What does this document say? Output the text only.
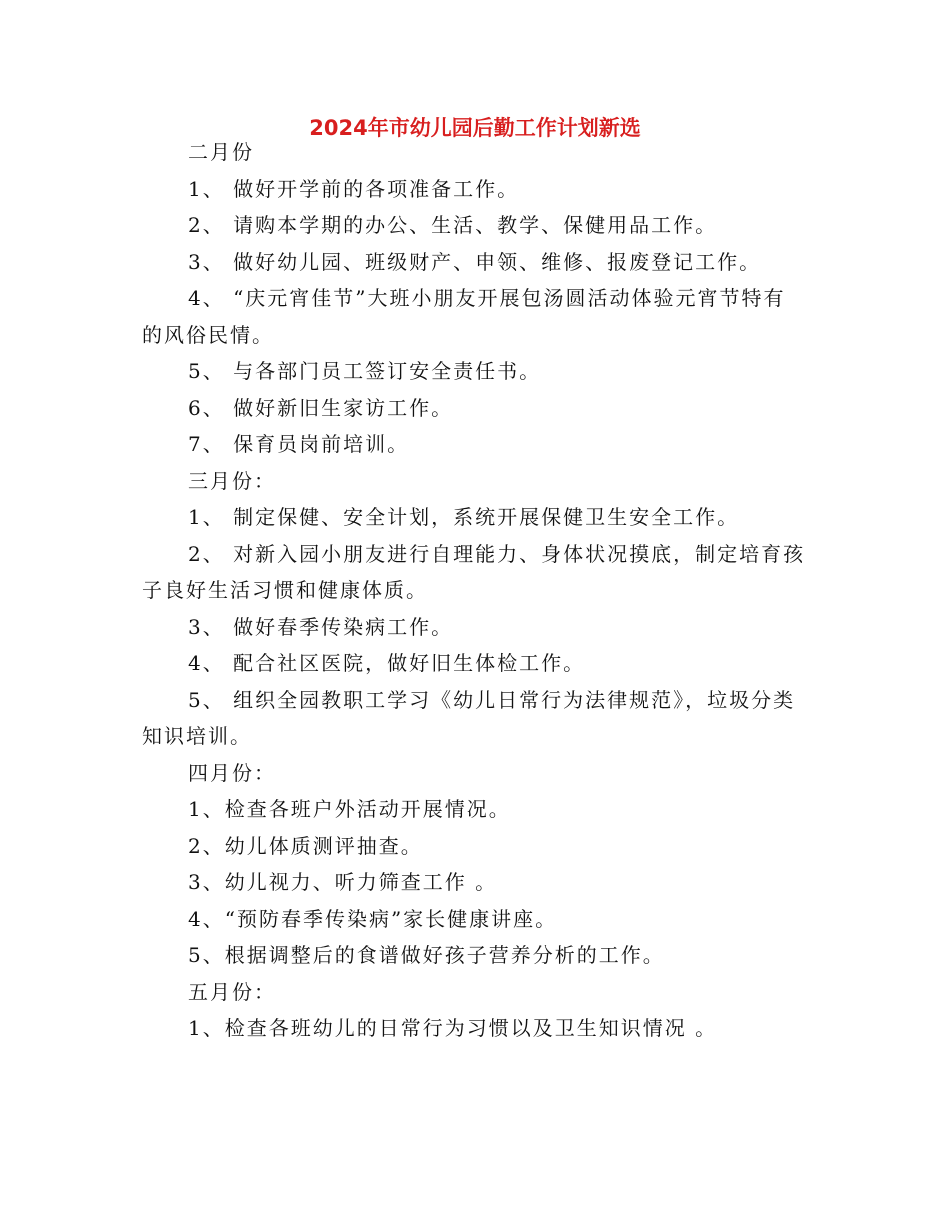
2024年市幼儿园后勤工作计划新选

二月份

1、 做好开学前的各项准备工作。

2、 请购本学期的办公、生活、教学、保健用品工作。

3、 做好幼儿园、班级财产、申领、维修、报废登记工作。

4、 “庆元宵佳节”大班小朋友开展包汤圆活动体验元宵节特有的风俗民情。

5、 与各部门员工签订安全责任书。

6、 做好新旧生家访工作。

7、 保育员岗前培训。

三月份：

1、 制定保健、安全计划，系统开展保健卫生安全工作。

2、 对新入园小朋友进行自理能力、身体状况摸底，制定培育孩子良好生活习惯和健康体质。

3、 做好春季传染病工作。

4、 配合社区医院，做好旧生体检工作。

5、 组织全园教职工学习《幼儿日常行为法律规范》，垃圾分类知识培训。

四月份：

1、检查各班户外活动开展情况。

2、幼儿体质测评抽查。

3、幼儿视力、听力筛查工作 。

4、“预防春季传染病”家长健康讲座。

5、根据调整后的食谱做好孩子营养分析的工作。

五月份：

1、检查各班幼儿的日常行为习惯以及卫生知识情况 。
